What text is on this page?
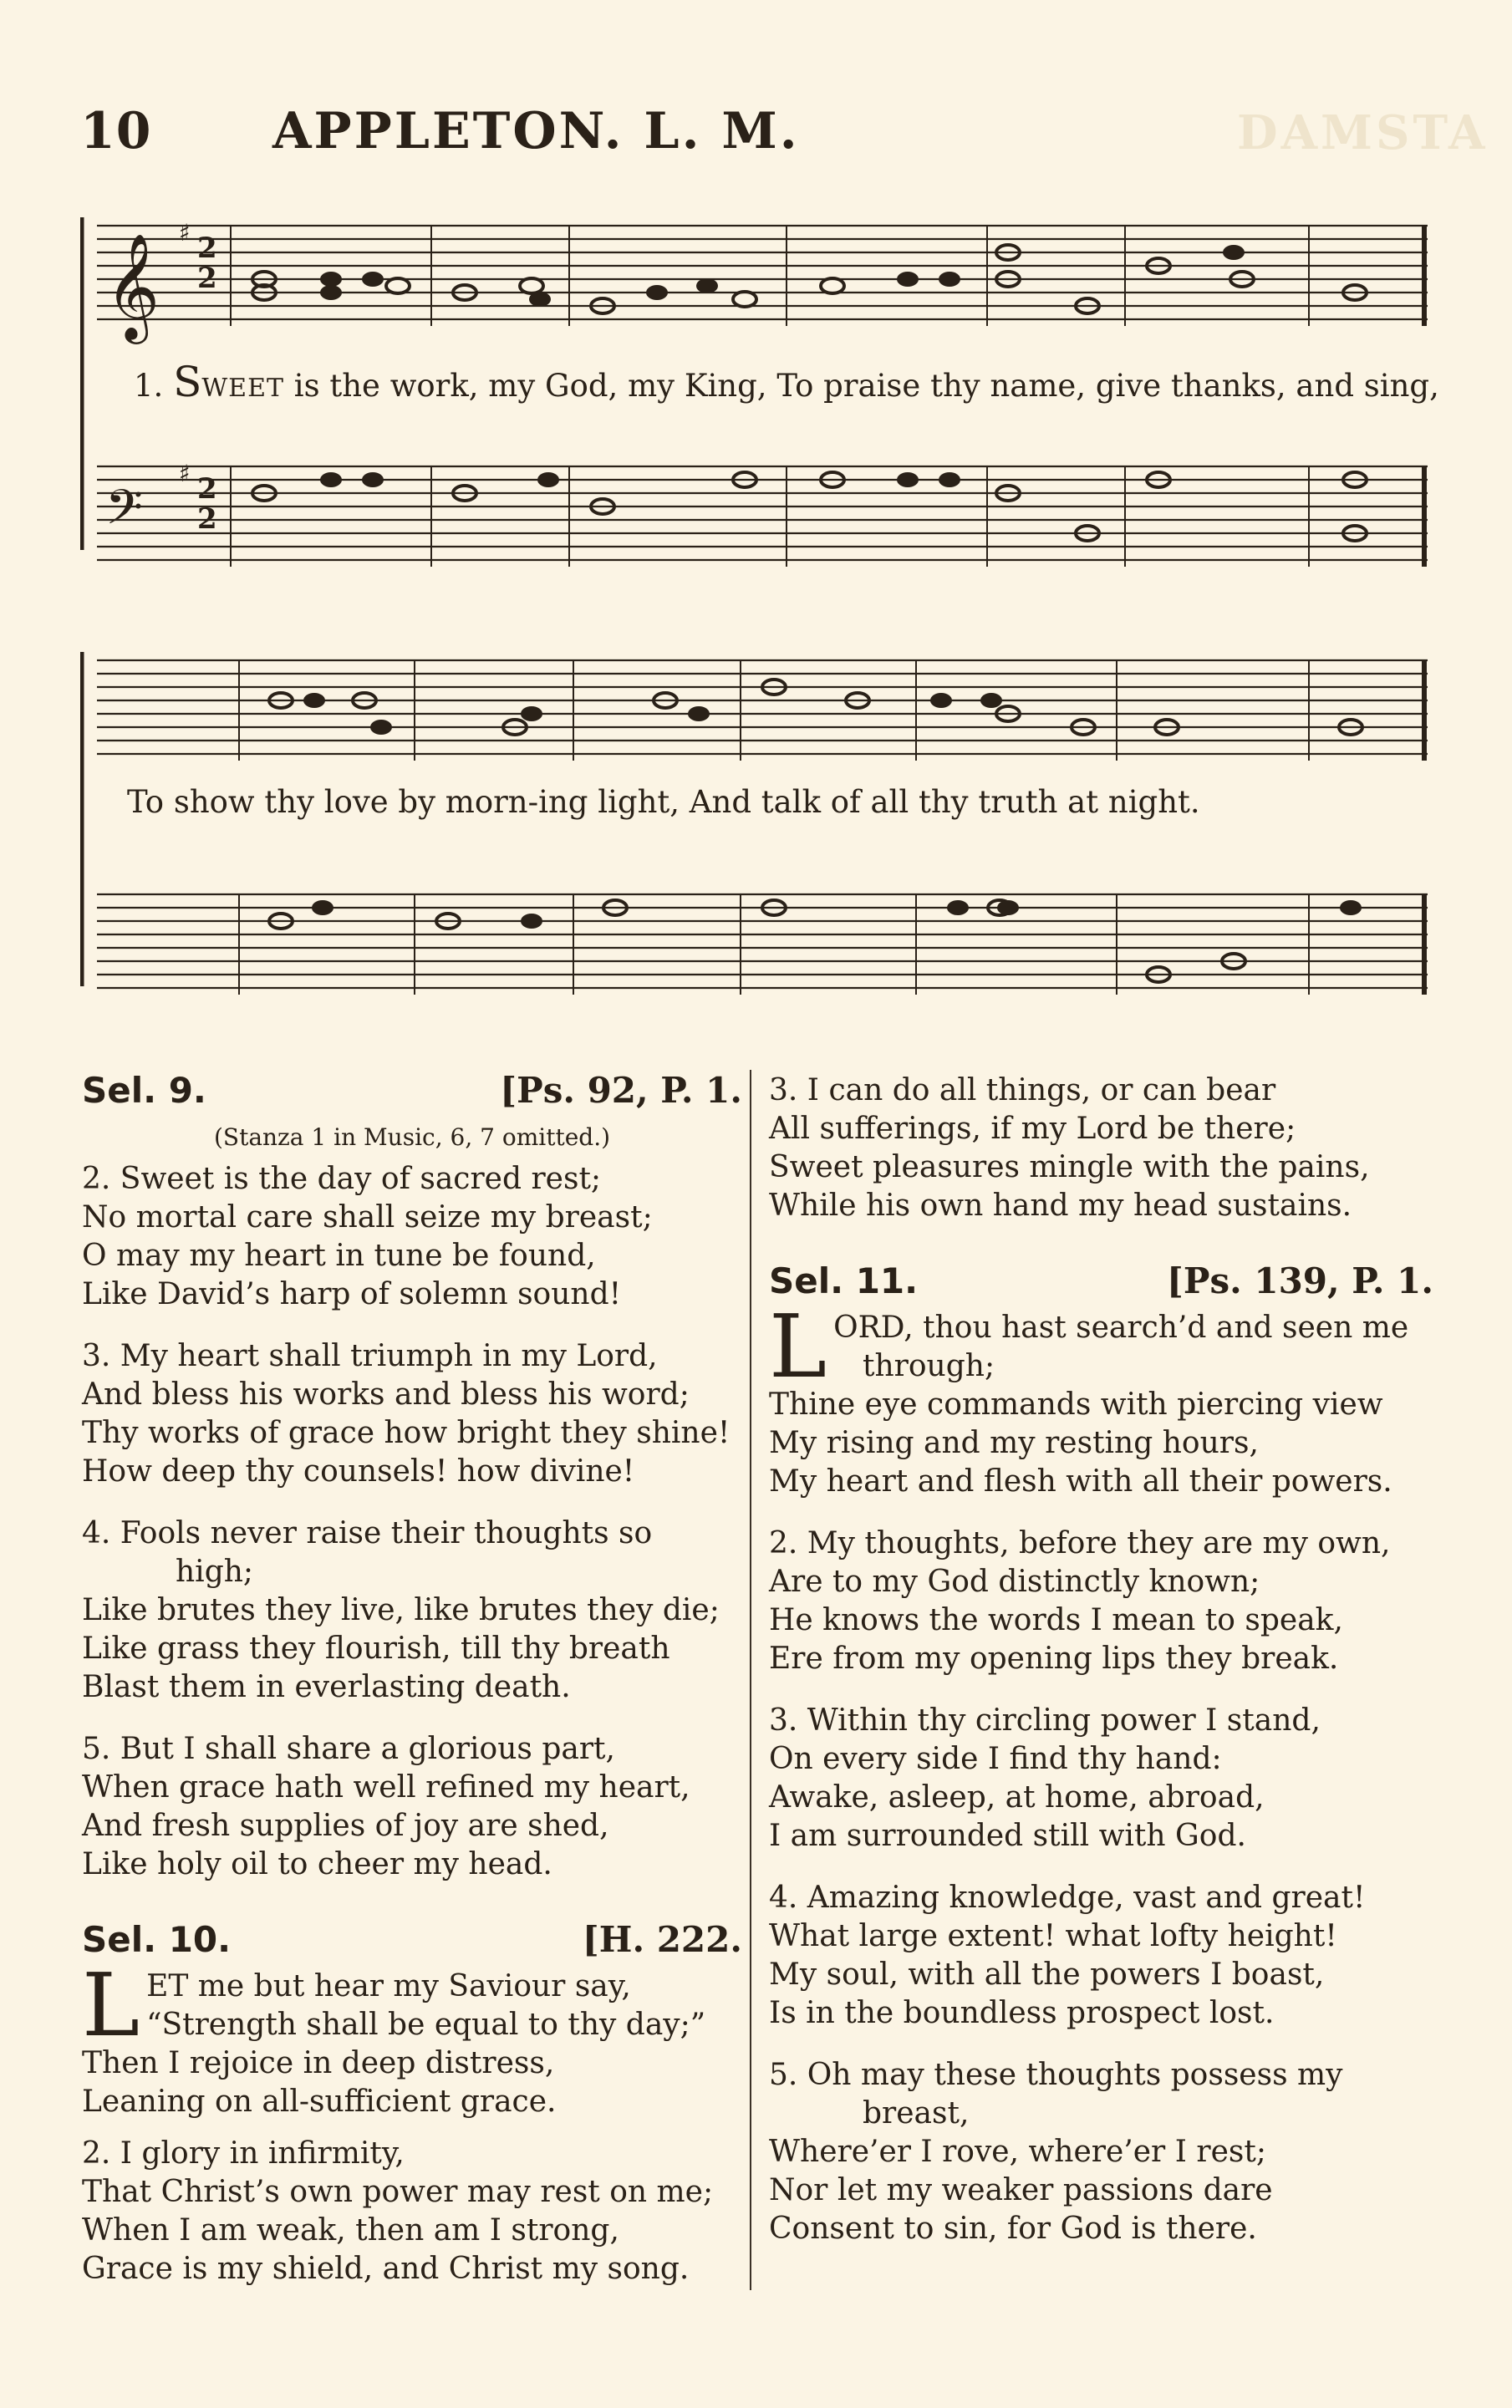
10 APPLETON. L. M.	DAMSTA
𝄞
𝄢
2
2
2
2
♯
♯
1. SWEET is the work, my God, my King, To praise thy name, give thanks, and sing,
To show thy love by morn-ing light, And talk of all thy truth at night.
Sel. 9.	[Ps. 92, P. 1.
(Stanza 1 in Music, 6, 7 omitted.)
2. Sweet is the day of sacred rest;
No mortal care shall seize my breast;
O may my heart in tune be found,
Like David’s harp of solemn sound!
3. My heart shall triumph in my Lord,
And bless his works and bless his word;
Thy works of grace how bright they shine!
How deep thy counsels! how divine!
4. Fools never raise their thoughts so
high;
Like brutes they live, like brutes they die;
Like grass they flourish, till thy breath
Blast them in everlasting death.
5. But I shall share a glorious part,
When grace hath well refined my heart,
And fresh supplies of joy are shed,
Like holy oil to cheer my head.
Sel. 10.	[H. 222.
L ET me but hear my Saviour say,
“Strength shall be equal to thy day;”
Then I rejoice in deep distress,
Leaning on all-sufficient grace.
2. I glory in infirmity,
That Christ’s own power may rest on me;
When I am weak, then am I strong,
Grace is my shield, and Christ my song.
3. I can do all things, or can bear
All sufferings, if my Lord be there;
Sweet pleasures mingle with the pains,
While his own hand my head sustains.
Sel. 11.	[Ps. 139, P. 1.
L ORD, thou hast search’d and seen me
through;
Thine eye commands with piercing view
My rising and my resting hours,
My heart and flesh with all their powers.
2. My thoughts, before they are my own,
Are to my God distinctly known;
He knows the words I mean to speak,
Ere from my opening lips they break.
3. Within thy circling power I stand,
On every side I find thy hand:
Awake, asleep, at home, abroad,
I am surrounded still with God.
4. Amazing knowledge, vast and great!
What large extent! what lofty height!
My soul, with all the powers I boast,
Is in the boundless prospect lost.
5. Oh may these thoughts possess my
breast,
Where’er I rove, where’er I rest;
Nor let my weaker passions dare
Consent to sin, for God is there.
